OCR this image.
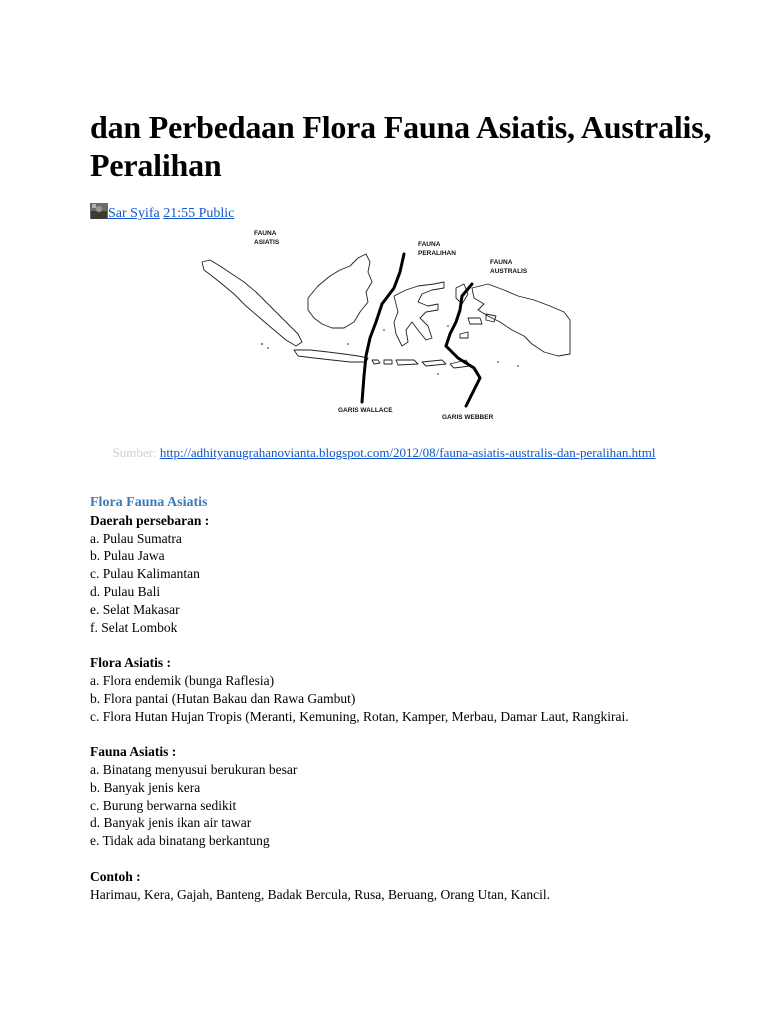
dan Perbedaan Flora Fauna Asiatis, Australis, Peralihan
Sar Syifa 21:55 Public
FAUNA
ASIATIS	FAUNA
PERALIHAN
FAUNA
AUSTRALIS
GARIS WALLACE
GARIS WEBBER
Sumber: http://adhityanugrahanovianta.blogspot.com/2012/08/fauna-asiatis-australis-dan-peralihan.html
Flora Fauna Asiatis
Daerah persebaran :
a. Pulau Sumatra
b. Pulau Jawa
c. Pulau Kalimantan
d. Pulau Bali
e. Selat Makasar
f. Selat Lombok
Flora Asiatis :
a. Flora endemik (bunga Raflesia)
b. Flora pantai (Hutan Bakau dan Rawa Gambut)
c. Flora Hutan Hujan Tropis (Meranti, Kemuning, Rotan, Kamper, Merbau, Damar Laut, Rangkirai.
Fauna Asiatis :
a. Binatang menyusui berukuran besar
b. Banyak jenis kera
c. Burung berwarna sedikit
d. Banyak jenis ikan air tawar
e. Tidak ada binatang berkantung
Contoh :
Harimau, Kera, Gajah, Banteng, Badak Bercula, Rusa, Beruang, Orang Utan, Kancil.
